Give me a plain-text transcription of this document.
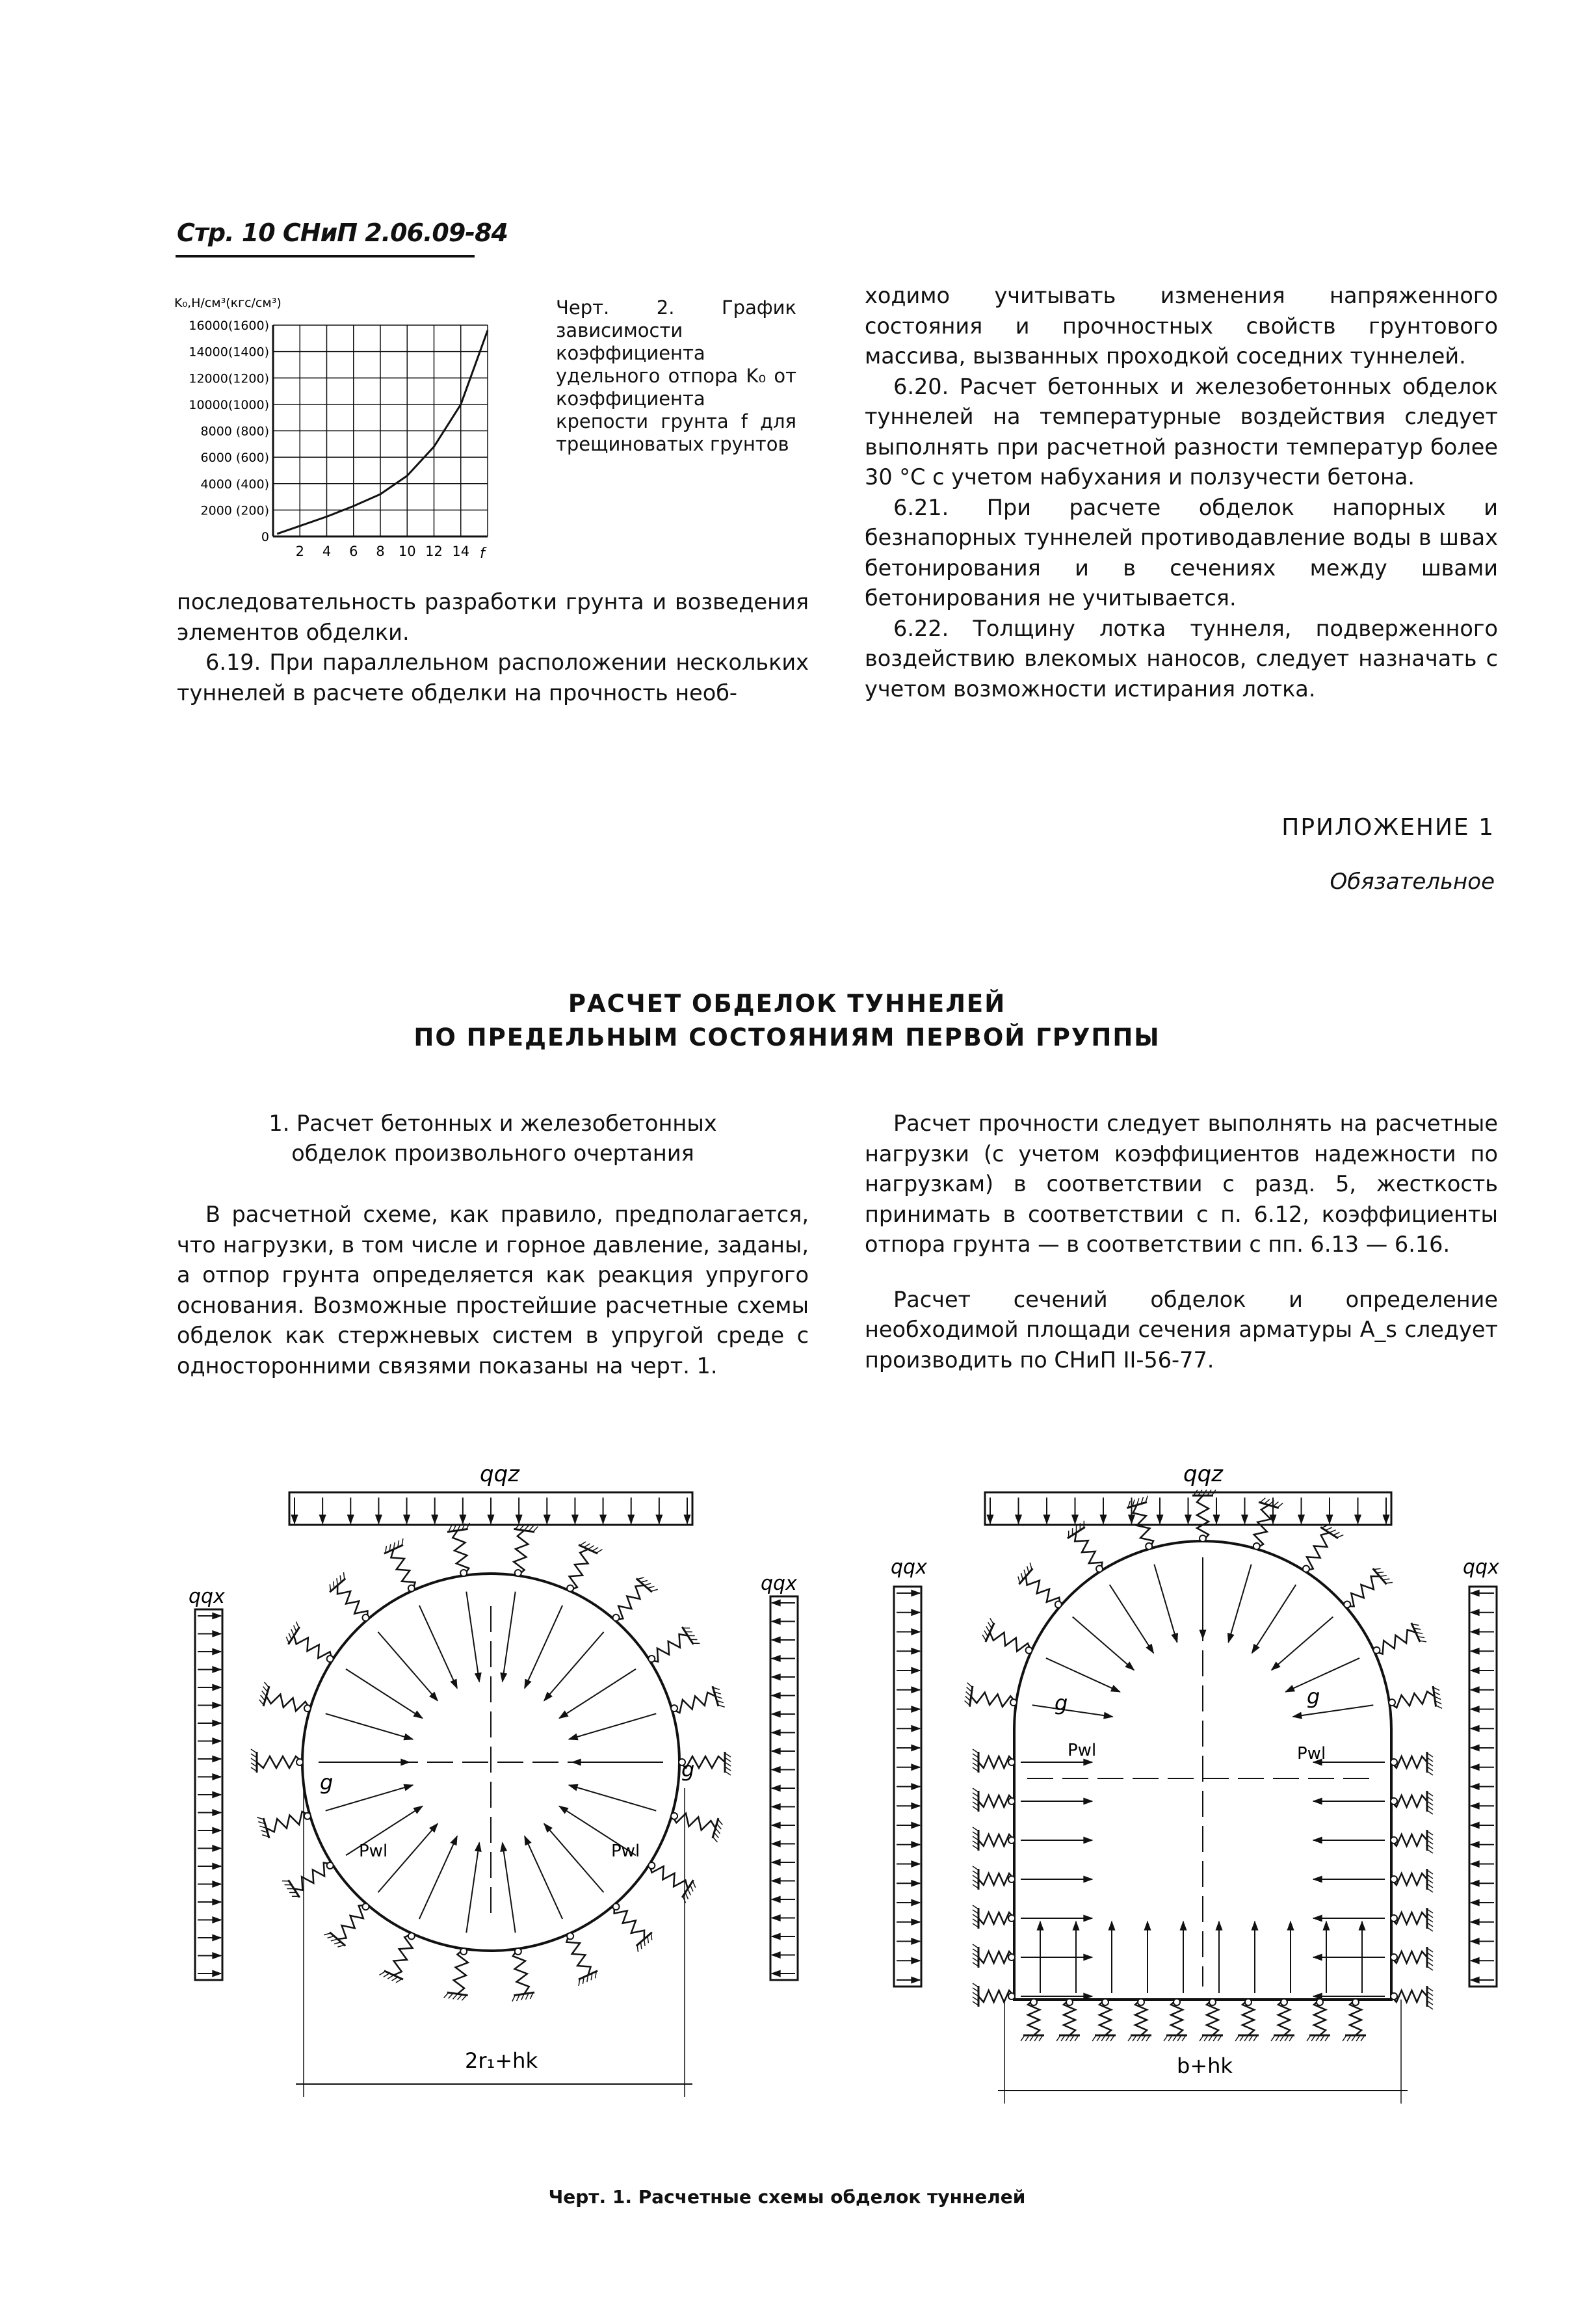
Стр. 10 СНиП 2.06.09-84
16000(1600)
14000(1400)
12000(1200)
10000(1000)
8000 (800)
6000 (600)
4000 (400)
2000 (200)
0
2 4 6 8 10 12 14
K₀,Н/см³(кгс/см³)
f
Черт. 2. График зависимости коэффициента удельного отпора K₀ от коэффициента крепости грунта f для трещиноватых грунтов

последовательность разработки грунта и возведения элементов обделки.

6.19. При параллельном расположении нескольких туннелей в расчете обделки на прочность необ-

ходимо учитывать изменения напряженного состояния и прочностных свойств грунтового массива, вызванных проходкой соседних туннелей.

6.20. Расчет бетонных и железобетонных обделок туннелей на температурные воздействия следует выполнять при расчетной разности температур более 30 °С с учетом набухания и ползучести бетона.

6.21. При расчете обделок напорных и безнапорных туннелей противодавление воды в швах бетонирования и в сечениях между швами бетонирования не учитывается.

6.22. Толщину лотка туннеля, подверженного воздействию влекомых наносов, следует назначать с учетом возможности истирания лотка.

ПРИЛОЖЕНИЕ 1
Обязательное
РАСЧЕТ ОБДЕЛОК ТУННЕЛЕЙ
ПО ПРЕДЕЛЬНЫМ СОСТОЯНИЯМ ПЕРВОЙ ГРУППЫ
1. Расчет бетонных и железобетонных
обделок произвольного очертания

В расчетной схеме, как правило, предполагается, что нагрузки, в том числе и горное давление, заданы, а отпор грунта определяется как реакция упругого основания. Возможные простейшие расчетные схемы обделок как стержневых систем в упругой среде с односторонними связями показаны на черт. 1.

Расчет прочности следует выполнять на расчетные нагрузки (с учетом коэффициентов надежности по нагрузкам) в соответствии с разд. 5, жесткость принимать в соответствии с п. 6.12, коэффициенты отпора грунта — в соответствии с пп. 6.13 — 6.16.

Расчет сечений обделок и определение необходимой площади сечения арматуры A_s следует производить по СНиП II-56-77.

qqz	qqz
qqx
qqx
qqx	qqx
g
g
g	g
Pwl	Pwl
Pwl	Pwl
2r₁+hk	b+hk
Черт. 1. Расчетные схемы обделок туннелей
